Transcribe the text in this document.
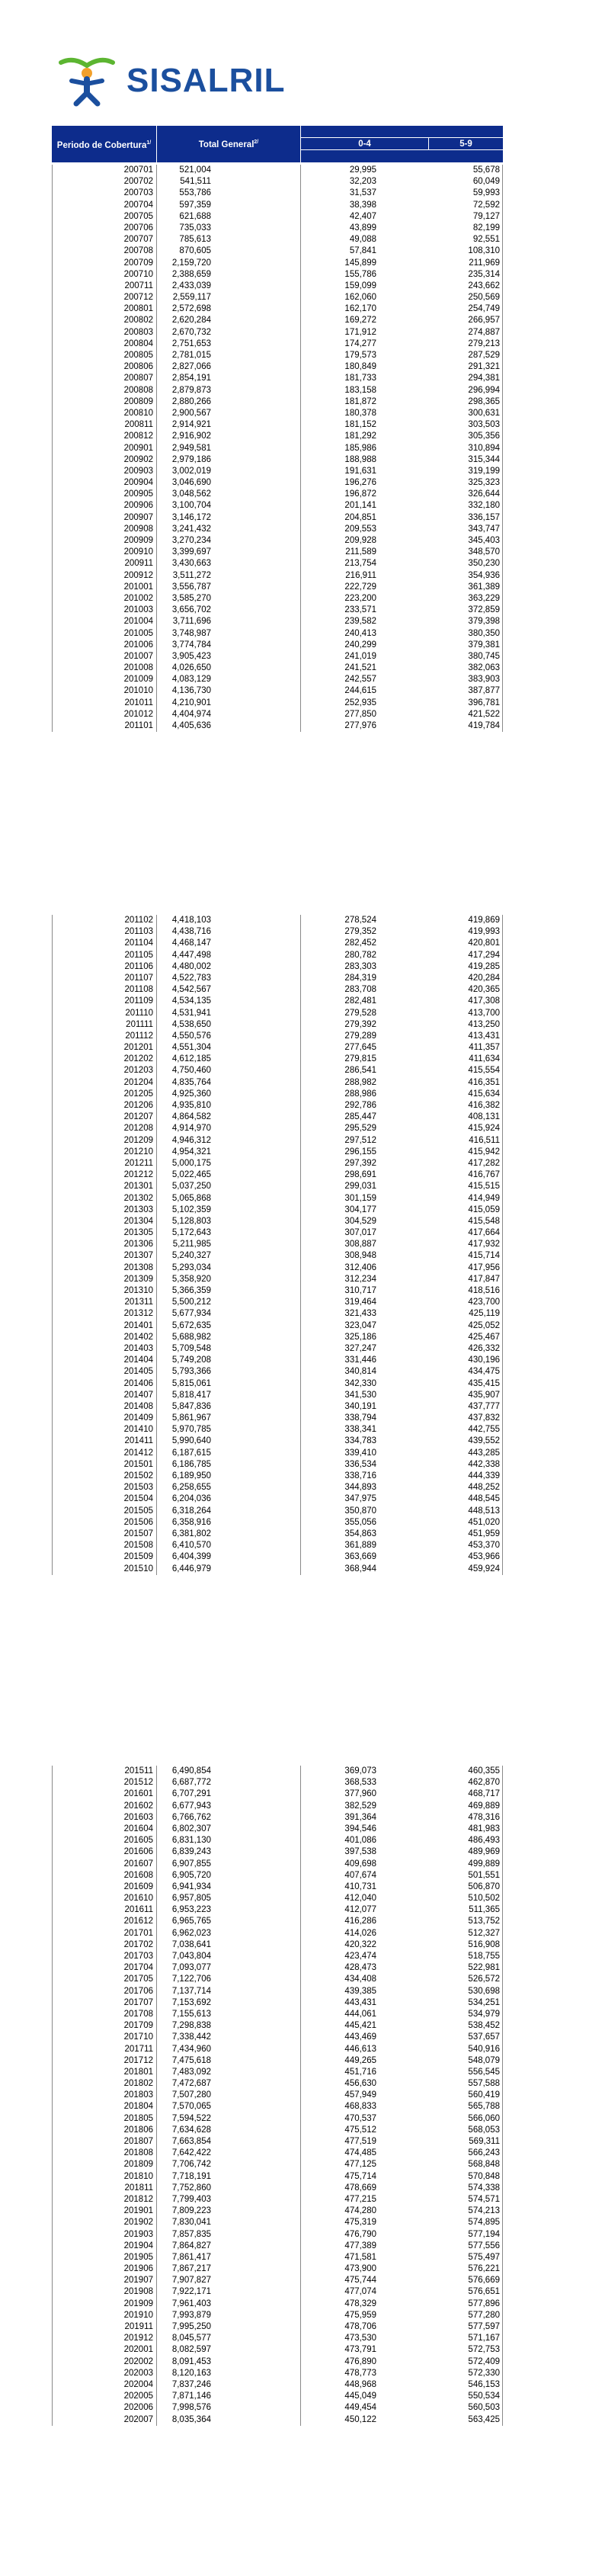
SISALRIL
Periodo de Cobertura$^{1/}$	Total General$^{2/}$	0-4	5-9
200701	521,004	29,995	55,678
200702	541,511	32,203	60,049
200703	553,786	31,537	59,993
200704	597,359	38,398	72,592
200705	621,688	42,407	79,127
200706	735,033	43,899	82,199
200707	785,613	49,088	92,551
200708	870,605	57,841	108,310
200709 2,159,720	145,899	211,969
200710 2,388,659	155,786	235,314
200711 2,433,039	159,099	243,662
200712 2,559,117	162,060	250,569
200801 2,572,698	162,170	254,749
200802 2,620,284	169,272	266,957
200803 2,670,732	171,912	274,887
200804 2,751,653	174,277	279,213
200805 2,781,015	179,573	287,529
200806 2,827,066	180,849	291,321
200807 2,854,191	181,733	294,381
200808 2,879,873	183,158	296,994
200809 2,880,266	181,872	298,365
200810 2,900,567	180,378	300,631
200811 2,914,921	181,152	303,503
200812 2,916,902	181,292	305,356
200901 2,949,581	185,986	310,894
200902 2,979,186	188,988	315,344
200903 3,002,019	191,631	319,199
200904 3,046,690	196,276	325,323
200905 3,048,562	196,872	326,644
200906 3,100,704	201,141	332,180
200907 3,146,172	204,851	336,157
200908 3,241,432	209,553	343,747
200909 3,270,234	209,928	345,403
200910 3,399,697	211,589	348,570
200911 3,430,663	213,754	350,230
200912 3,511,272	216,911	354,936
201001 3,556,787	222,729	361,389
201002 3,585,270	223,200	363,229
201003 3,656,702	233,571	372,859
201004 3,711,696	239,582	379,398
201005 3,748,987	240,413	380,350
201006 3,774,784	240,299	379,381
201007 3,905,423	241,019	380,745
201008 4,026,650	241,521	382,063
201009 4,083,129	242,557	383,903
201010 4,136,730	244,615	387,877
201011 4,210,901	252,935	396,781
201012 4,404,974	277,850	421,522
201101 4,405,636	277,976	419,784
201102 4,418,103	278,524	419,869
201103 4,438,716	279,352	419,993
201104 4,468,147	282,452	420,801
201105 4,447,498	280,782	417,294
201106 4,480,002	283,303	419,285
201107 4,522,783	284,319	420,284
201108 4,542,567	283,708	420,365
201109 4,534,135	282,481	417,308
201110 4,531,941	279,528	413,700
201111 4,538,650	279,392	413,250
201112 4,550,576	279,289	413,431
201201 4,551,304	277,645	411,357
201202 4,612,185	279,815	411,634
201203 4,750,460	286,541	415,554
201204 4,835,764	288,982	416,351
201205 4,925,360	288,986	415,634
201206 4,935,810	292,786	416,382
201207 4,864,582	285,447	408,131
201208 4,914,970	295,529	415,924
201209 4,946,312	297,512	416,511
201210 4,954,321	296,155	415,942
201211 5,000,175	297,392	417,282
201212 5,022,465	298,691	416,767
201301 5,037,250	299,031	415,515
201302 5,065,868	301,159	414,949
201303 5,102,359	304,177	415,059
201304 5,128,803	304,529	415,548
201305 5,172,643	307,017	417,664
201306 5,211,985	308,887	417,932
201307 5,240,327	308,948	415,714
201308 5,293,034	312,406	417,956
201309 5,358,920	312,234	417,847
201310 5,366,359	310,717	418,516
201311 5,500,212	319,464	423,700
201312 5,677,934	321,433	425,119
201401 5,672,635	323,047	425,052
201402 5,688,982	325,186	425,467
201403 5,709,548	327,247	426,332
201404 5,749,208	331,446	430,196
201405 5,793,366	340,814	434,475
201406 5,815,061	342,330	435,415
201407 5,818,417	341,530	435,907
201408 5,847,836	340,191	437,777
201409 5,861,967	338,794	437,832
201410 5,970,785	338,341	442,755
201411 5,990,640	334,783	439,552
201412 6,187,615	339,410	443,285
201501 6,186,785	336,534	442,338
201502 6,189,950	338,716	444,339
201503 6,258,655	344,893	448,252
201504 6,204,036	347,975	448,545
201505 6,318,264	350,870	448,513
201506 6,358,916	355,056	451,020
201507 6,381,802	354,863	451,959
201508 6,410,570	361,889	453,370
201509 6,404,399	363,669	453,966
201510 6,446,979	368,944	459,924
201511 6,490,854	369,073	460,355
201512 6,687,772	368,533	462,870
201601 6,707,291	377,960	468,717
201602 6,677,943	382,529	469,889
201603 6,766,762	391,364	478,316
201604 6,802,307	394,546	481,983
201605 6,831,130	401,086	486,493
201606 6,839,243	397,538	489,969
201607 6,907,855	409,698	499,889
201608 6,905,720	407,674	501,551
201609 6,941,934	410,731	506,870
201610 6,957,805	412,040	510,502
201611 6,953,223	412,077	511,365
201612 6,965,765	416,286	513,752
201701 6,962,023	414,026	512,327
201702 7,038,641	420,322	516,908
201703 7,043,804	423,474	518,755
201704 7,093,077	428,473	522,981
201705 7,122,706	434,408	526,572
201706 7,137,714	439,385	530,698
201707 7,153,692	443,431	534,251
201708 7,155,613	444,061	534,979
201709 7,298,838	445,421	538,452
201710 7,338,442	443,469	537,657
201711 7,434,960	446,613	540,916
201712 7,475,618	449,265	548,079
201801 7,483,092	451,716	556,545
201802 7,472,687	456,630	557,588
201803 7,507,280	457,949	560,419
201804 7,570,065	468,833	565,788
201805 7,594,522	470,537	566,060
201806 7,634,628	475,512	568,053
201807 7,663,854	477,519	569,311
201808 7,642,422	474,485	566,243
201809 7,706,742	477,125	568,848
201810 7,718,191	475,714	570,848
201811 7,752,860	478,669	574,338
201812 7,799,403	477,215	574,571
201901 7,809,223	474,280	574,213
201902 7,830,041	475,319	574,895
201903 7,857,835	476,790	577,194
201904 7,864,827	477,389	577,556
201905 7,861,417	471,581	575,497
201906 7,867,217	473,900	576,221
201907 7,907,827	475,744	576,669
201908 7,922,171	477,074	576,651
201909 7,961,403	478,329	577,896
201910 7,993,879	475,959	577,280
201911 7,995,250	478,706	577,597
201912 8,045,577	473,530	571,167
202001 8,082,597	473,791	572,753
202002 8,091,453	476,890	572,409
202003 8,120,163	478,773	572,330
202004 7,837,246	448,968	546,153
202005 7,871,146	445,049	550,534
202006 7,998,576	449,454	560,503
202007 8,035,364	450,122	563,425
